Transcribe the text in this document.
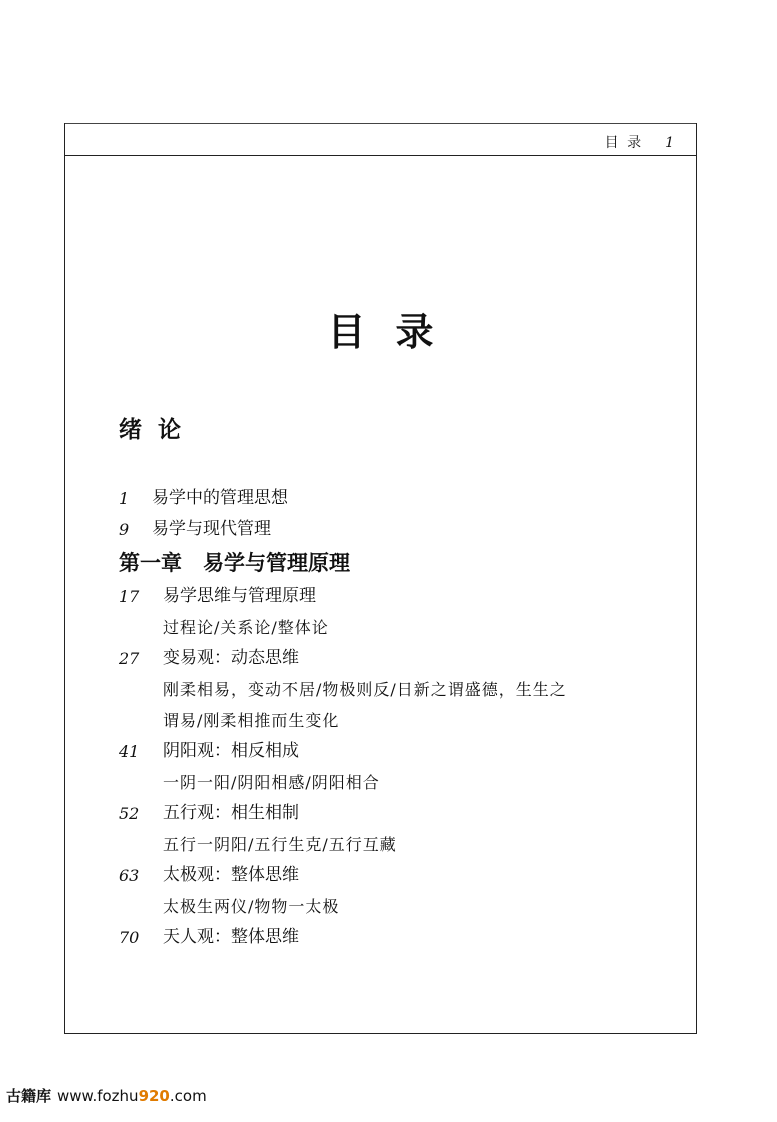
目 录 1
目录
绪论
1	易学中的管理思想
9	易学与现代管理
第一章　易学与管理原理
17	易学思维与管理原理
过程论/关系论/整体论
27	变易观：动态思维
刚柔相易，变动不居/物极则反/日新之谓盛德，生生之
谓易/刚柔相推而生变化
41	阴阳观：相反相成
一阴一阳/阴阳相感/阴阳相合
52	五行观：相生相制
五行一阴阳/五行生克/五行互藏
63	太极观：整体思维
太极生两仪/物物一太极
70	天人观：整体思维
古籍库 www.fozhu920.com
